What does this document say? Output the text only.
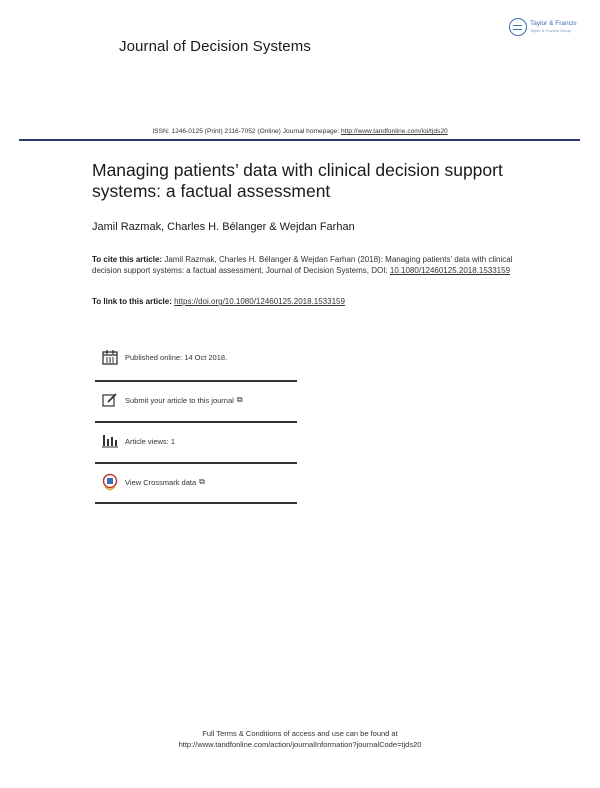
Journal of Decision Systems
Taylor & Francis
Taylor & Francis Group
ISSN: 1246-0125 (Print) 2116-7052 (Online) Journal homepage: http://www.tandfonline.com/loi/tjds20
Managing patients’ data with clinical decision support systems: a factual assessment
Jamil Razmak, Charles H. Bélanger & Wejdan Farhan
To cite this article: Jamil Razmak, Charles H. Bélanger & Wejdan Farhan (2018): Managing patients’ data with clinical decision support systems: a factual assessment, Journal of Decision Systems, DOI: 10.1080/12460125.2018.1533159
To link to this article: https://doi.org/10.1080/12460125.2018.1533159
Published online: 14 Oct 2018.
Submit your article to this journal ⧉
Article views: 1
View Crossmark data ⧉
Full Terms & Conditions of access and use can be found at
http://www.tandfonline.com/action/journalInformation?journalCode=tjds20
